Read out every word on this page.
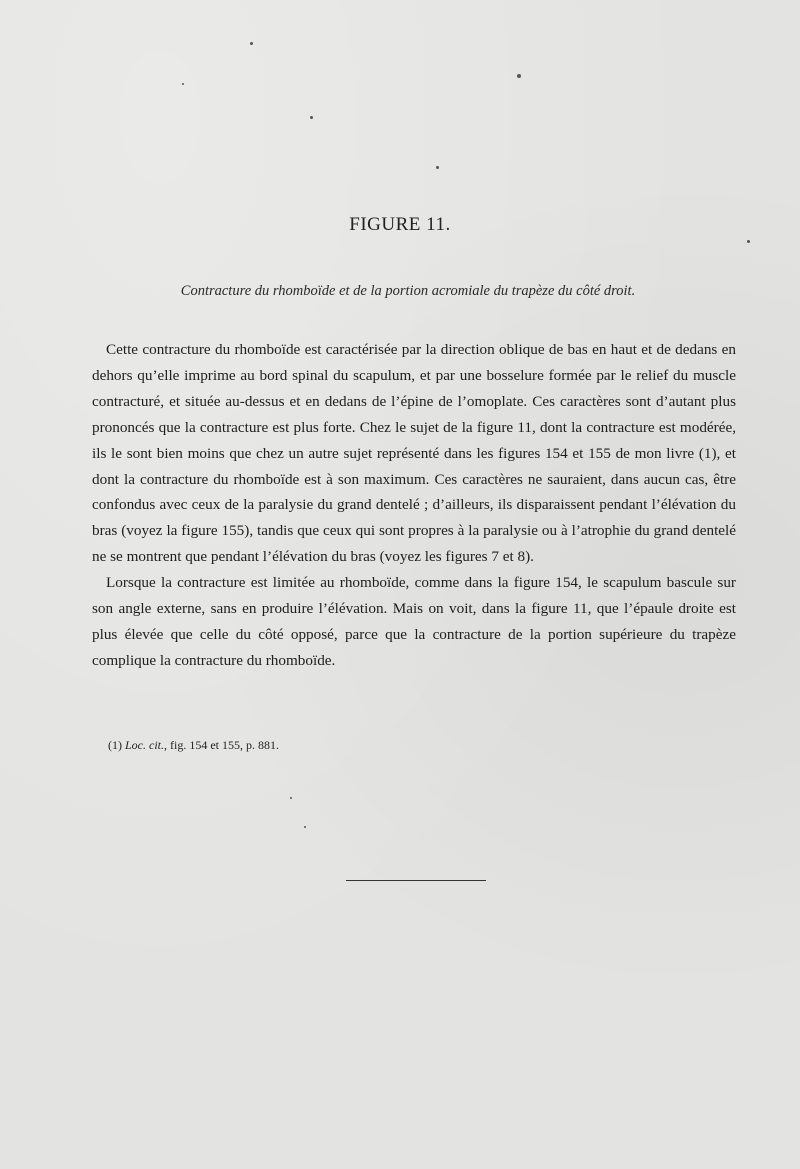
FIGURE 11.
Contracture du rhomboïde et de la portion acromiale du trapèze du côté droit.

Cette contracture du rhomboïde est caractérisée par la direction oblique de bas en haut et de dedans en dehors qu’elle imprime au bord spinal du scapulum, et par une bosselure formée par le relief du muscle contracturé, et située au-dessus et en dedans de l’épine de l’omoplate. Ces caractères sont d’autant plus prononcés que la contracture est plus forte. Chez le sujet de la figure 11, dont la contracture est modérée, ils le sont bien moins que chez un autre sujet représenté dans les figures 154 et 155 de mon livre (1), et dont la contracture du rhomboïde est à son maximum. Ces caractères ne sauraient, dans aucun cas, être confondus avec ceux de la paralysie du grand dentelé ; d’ailleurs, ils disparaissent pendant l’élévation du bras (voyez la figure 155), tandis que ceux qui sont propres à la paralysie ou à l’atrophie du grand dentelé ne se montrent que pendant l’élévation du bras (voyez les figures 7 et 8).

Lorsque la contracture est limitée au rhomboïde, comme dans la figure 154, le scapulum bascule sur son angle externe, sans en produire l’élévation. Mais on voit, dans la figure 11, que l’épaule droite est plus élevée que celle du côté opposé, parce que la contracture de la portion supérieure du trapèze complique la contracture du rhomboïde.

(1) Loc. cit., fig. 154 et 155, p. 881.
